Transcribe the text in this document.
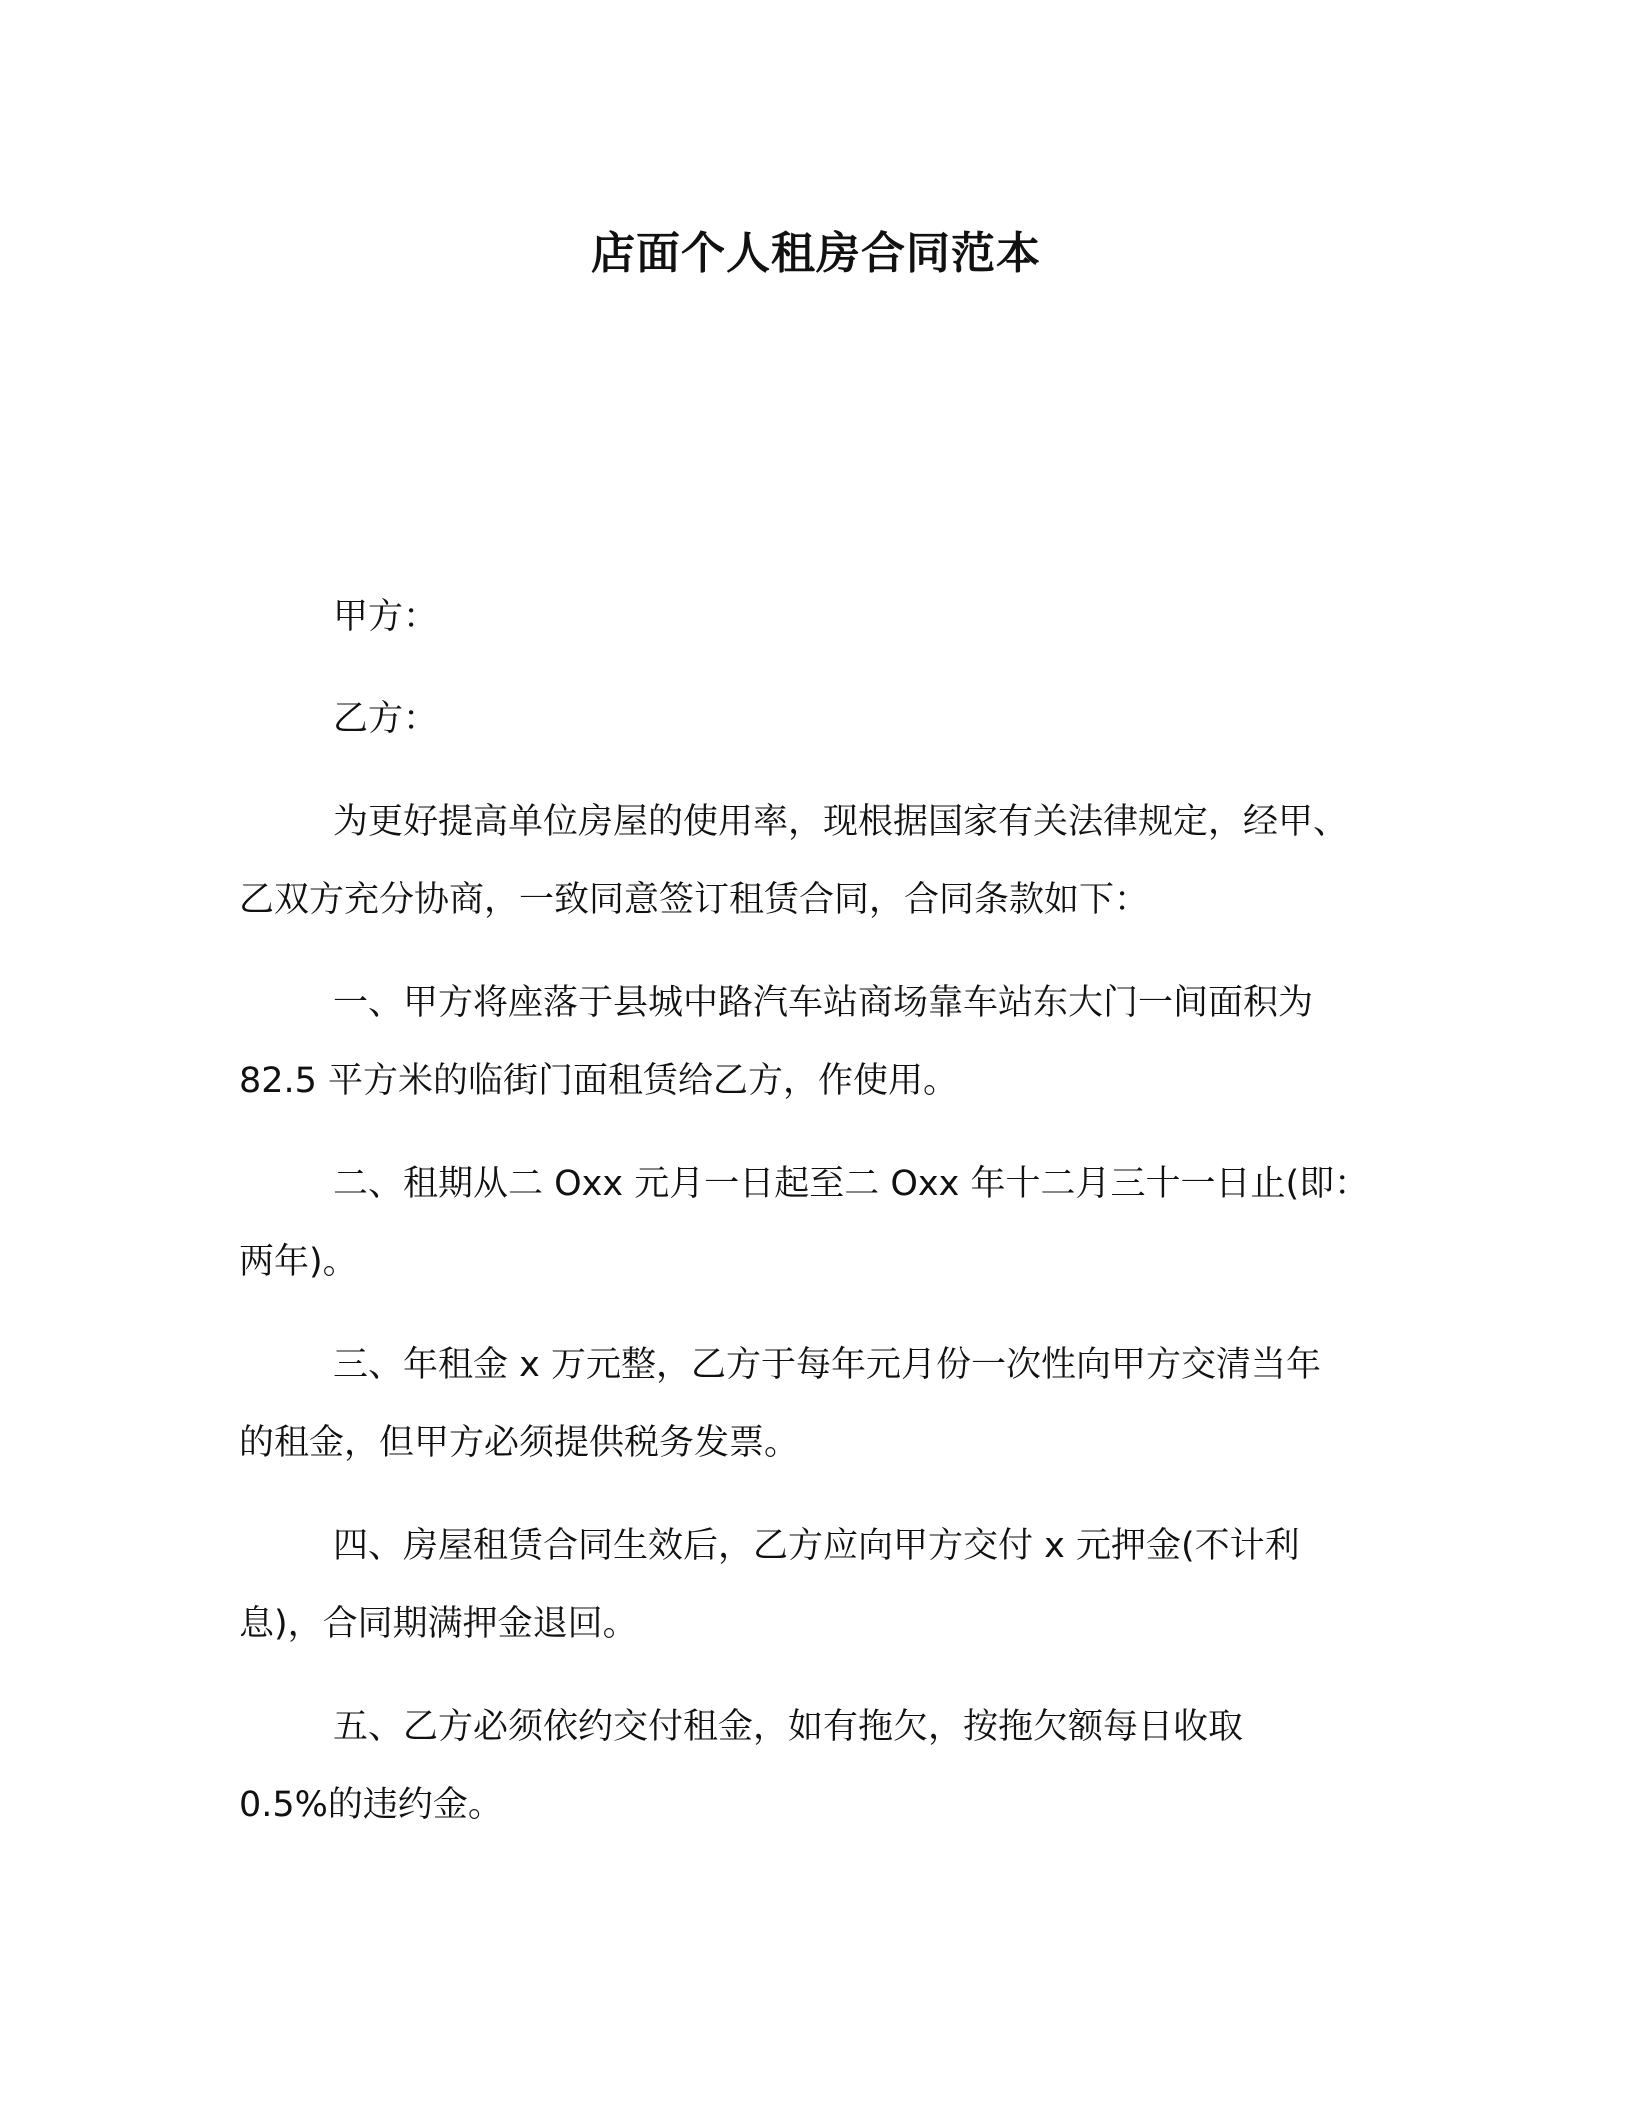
店面个人租房合同范本
甲方：
乙方：
为更好提高单位房屋的使用率，现根据国家有关法律规定，经甲、
乙双方充分协商，一致同意签订租赁合同，合同条款如下：
一、甲方将座落于县城中路汽车站商场靠车站东大门一间面积为
82.5 平方米的临街门面租赁给乙方，作使用。
二、租期从二 Oxx 元月一日起至二 Oxx 年十二月三十一日止(即：
两年)。
三、年租金 x 万元整，乙方于每年元月份一次性向甲方交清当年
的租金，但甲方必须提供税务发票。
四、房屋租赁合同生效后，乙方应向甲方交付 x 元押金(不计利
息)，合同期满押金退回。
五、乙方必须依约交付租金，如有拖欠，按拖欠额每日收取
0.5%的违约金。
